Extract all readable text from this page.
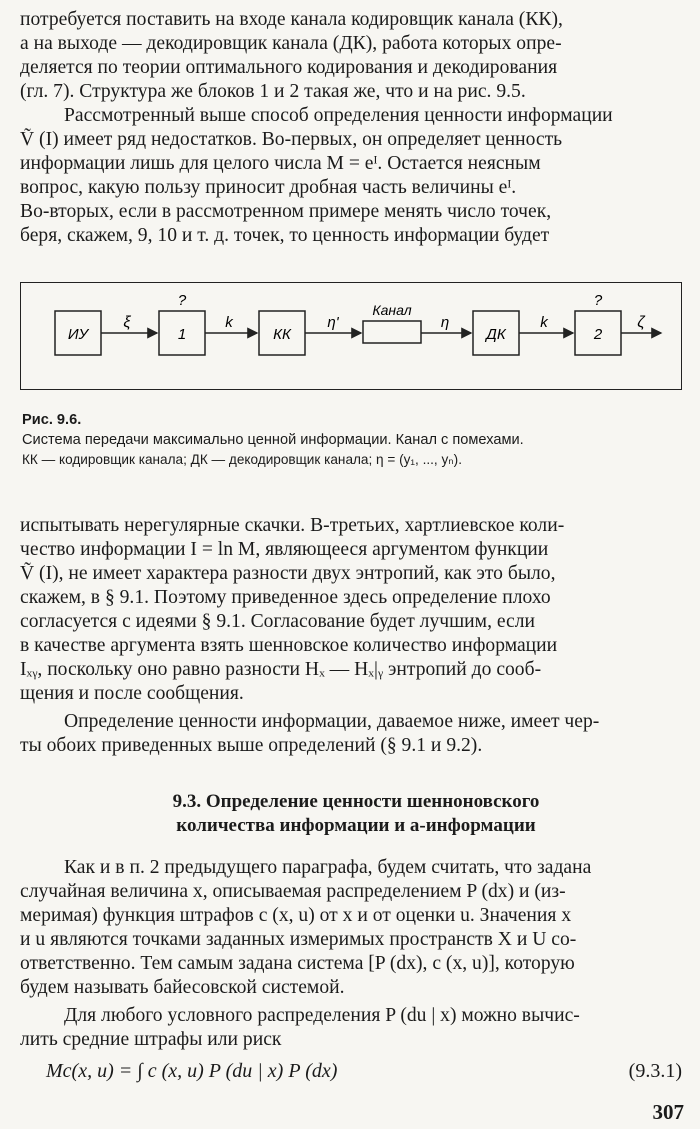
потребуется поставить на входе канала кодировщик канала (КК),

а на выходе — декодировщик канала (ДК), работа которых опре-

деляется по теории оптимального кодирования и декодирования

(гл. 7). Структура же блоков 1 и 2 такая же, что и на рис. 9.5.

Рассмотренный выше способ определения ценности информации

Ṽ (I) имеет ряд недостатков. Во-первых, он определяет ценность

информации лишь для целого числа M = eᴵ. Остается неясным

вопрос, какую пользу приносит дробная часть величины eᴵ.

Во-вторых, если в рассмотренном примере менять число точек,

беря, скажем, 9, 10 и т. д. точек, то ценность информации будет

ИУ	1	КК	ДК	2
?	?
Канал
ξ	k	η'	η	k	ζ
Рис. 9.6.
Система передачи максимально ценной информации. Канал с помехами.
КК — кодировщик канала; ДК — декодировщик канала; η = (y₁, ..., yₙ).

испытывать нерегулярные скачки. В-третьих, хартлиевское коли-

чество информации I = ln M, являющееся аргументом функции

Ṽ (I), не имеет характера разности двух энтропий, как это было,

скажем, в § 9.1. Поэтому приведенное здесь определение плохо

согласуется с идеями § 9.1. Согласование будет лучшим, если

в качестве аргумента взять шенновское количество информации

Iₓᵧ, поскольку оно равно разности Hₓ — Hₓ|ᵧ энтропий до сооб-

щения и после сообщения.

Определение ценности информации, даваемое ниже, имеет чер-

ты обоих приведенных выше определений (§ 9.1 и 9.2).

9.3. Определение ценности шенноновского

количества информации и a-информации

Как и в п. 2 предыдущего параграфа, будем считать, что задана

случайная величина x, описываемая распределением P (dx) и (из-

меримая) функция штрафов c (x, u) от x и от оценки u. Значения x

и u являются точками заданных измеримых пространств X и U со-

ответственно. Тем самым задана система [P (dx), c (x, u)], которую

будем называть байесовской системой.

Для любого условного распределения P (du | x) можно вычис-

лить средние штрафы или риск

Mc(x, u) = ∫ c (x, u) P (du | x) P (dx)	(9.3.1)
307
